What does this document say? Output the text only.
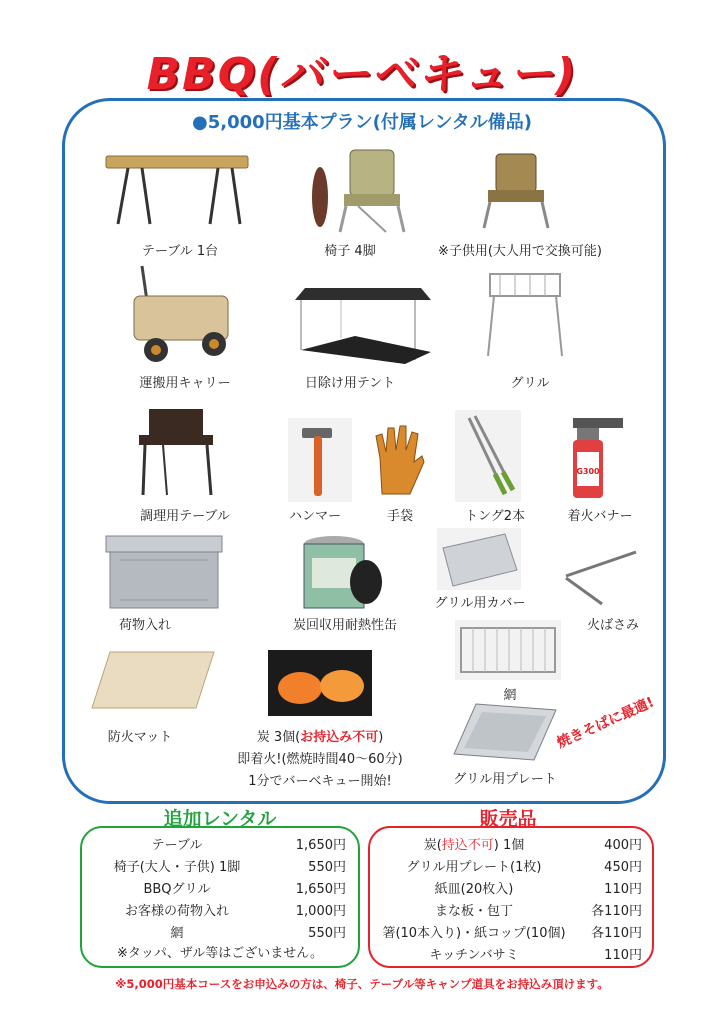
BBQ(バーベキュー)
●5,000円基本プラン(付属レンタル備品)
テーブル 1台	椅子 4脚	※子供用(大人用で交換可能)
運搬用キャリー	日除け用テント	グリル
調理用テーブル	ハンマー	手袋	トング2本
G300
着火バナー
荷物入れ	炭回収用耐熱性缶
グリル用カバー
火ばさみ
網
防火マット	炭 3個(お持込み不可)
即着火!(燃焼時間40～60分)
1分でバーベキュー開始!	グリル用プレート
焼きそばに最適!
追加レンタル	販売品
テーブル	1,650円
椅子(大人・子供) 1脚	550円
BBQグリル	1,650円
お客様の荷物入れ	1,000円
網	550円
※タッパ、ザル等はございません。
炭(持込不可) 1個	400円
グリル用プレート(1枚)	450円
紙皿(20枚入)	110円
まな板・包丁	各110円
箸(10本入り)・紙コップ(10個)	各110円
キッチンバサミ	110円
※5,000円基本コースをお申込みの方は、椅子、テーブル等キャンプ道具をお持込み頂けます。
